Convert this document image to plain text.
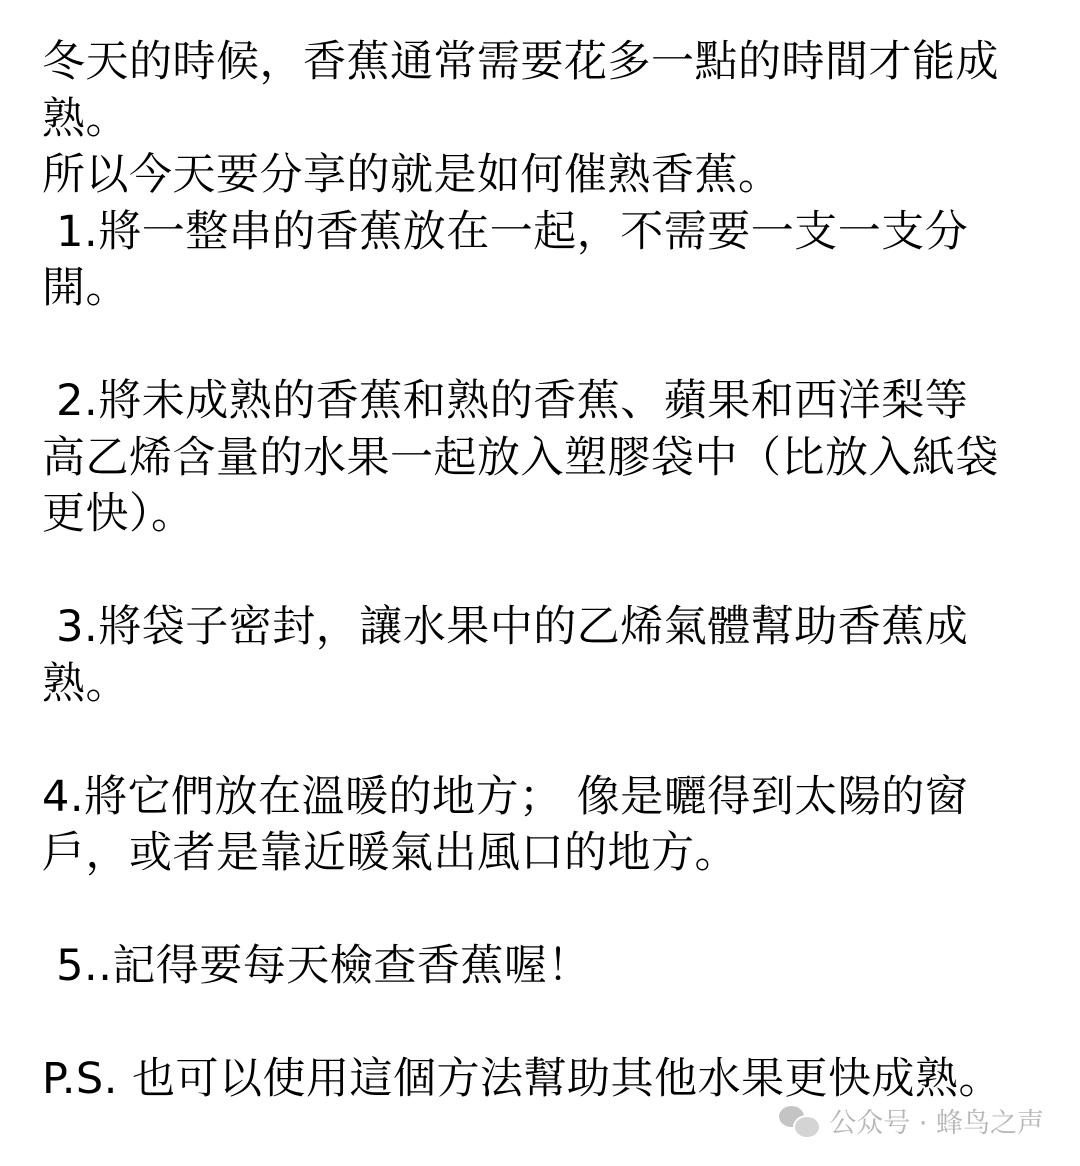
冬天的時候，香蕉通常需要花多一點的時間才能成
熟。
所以今天要分享的就是如何催熟香蕉。
1.將一整串的香蕉放在一起，不需要一支一支分
開。
2.將未成熟的香蕉和熟的香蕉、蘋果和西洋梨等
高乙烯含量的水果一起放入塑膠袋中（比放入紙袋
更快）。
3.將袋子密封，讓水果中的乙烯氣體幫助香蕉成
熟。
4.將它們放在溫暖的地方； 像是曬得到太陽的窗
戶，或者是靠近暖氣出風口的地方。
5..記得要每天檢查香蕉喔！
P.S. 也可以使用這個方法幫助其他水果更快成熟。
公众号 · 蜂鸟之声
